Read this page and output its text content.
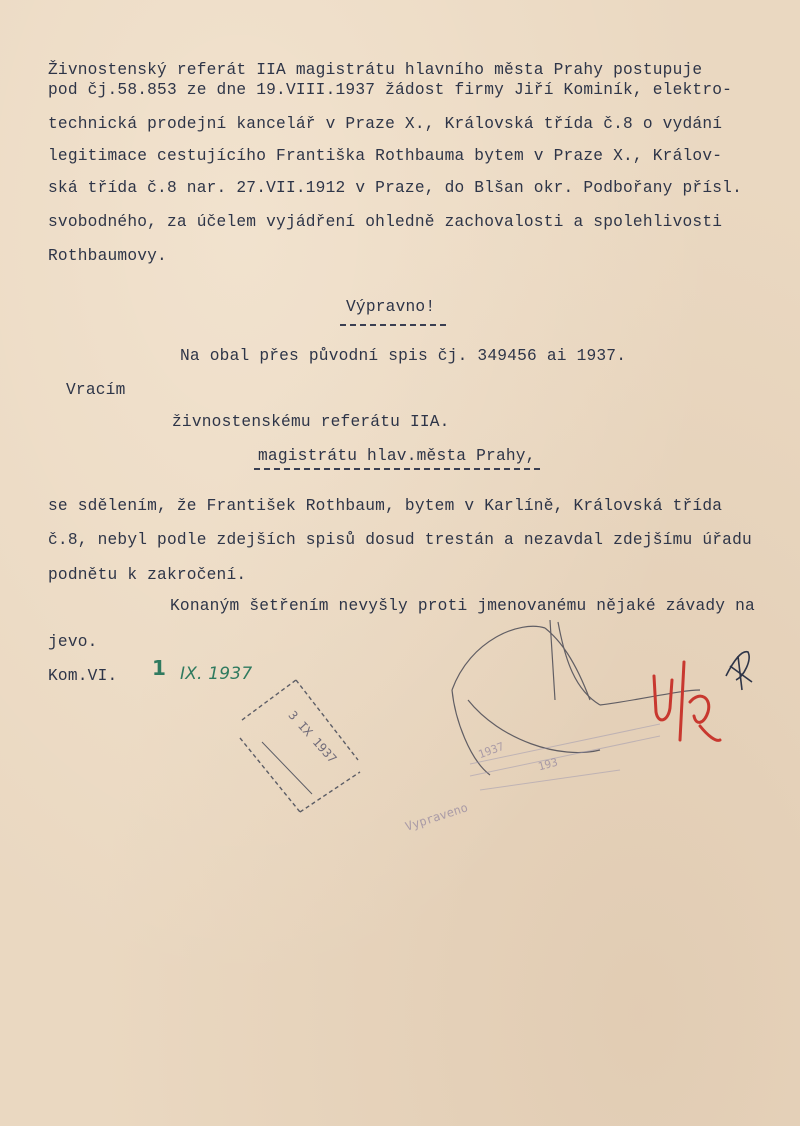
Živnostenský referát IIA magistrátu hlavního města Prahy postupuje
pod čj.58.853 ze dne 19.VIII.1937 žádost firmy Jiří Kominík, elektro-
technická prodejní kancelář v Praze X., Královská třída č.8 o vydání
legitimace cestujícího Františka Rothbauma bytem v Praze X., Králov-
ská třída č.8 nar. 27.VII.1912 v Praze, do Blšan okr. Podbořany přísl.
svobodného, za účelem vyjádření ohledně zachovalosti a spolehlivosti
Rothbaumovy.
Výpravno!
Na obal přes původní spis čj. 349456 ai 1937.
Vracím
živnostenskému referátu IIA.
magistrátu hlav.města Prahy,
se sdělením, že František Rothbaum, bytem v Karlíně, Královská třída
č.8, nebyl podle zdejších spisů dosud trestán a nezavdal zdejšímu úřadu
podnětu k zakročení.
Konaným šetřením nevyšly proti jmenovanému nějaké závady na
jevo.
Kom.VI. 1 IX. 1937
3 IX 1937	1937
Vypraveno
193
